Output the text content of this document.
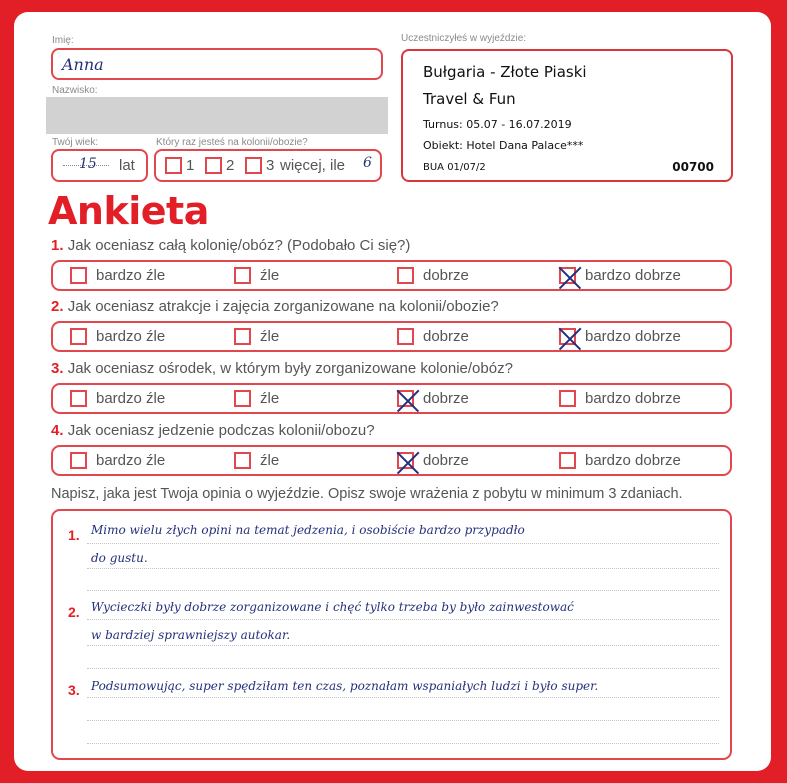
Imię:
Anna
Nazwisko:
Twój wiek:	Który raz jesteś na kolonii/obozie?
15 lat	1 2 3 więcej, ile 6
Uczestniczyłeś w wyjeździe:
Bułgaria - Złote Piaski
Travel & Fun
Turnus: 05.07 - 16.07.2019
Obiekt: Hotel Dana Palace***
BUA 01/07/2	00700
Ankieta
1. Jak oceniasz całą kolonię/obóz? (Podobało Ci się?)
bardzo źle	źle	dobrze	bardzo dobrze
2. Jak oceniasz atrakcje i zajęcia zorganizowane na kolonii/obozie?
bardzo źle	źle	dobrze	bardzo dobrze
3. Jak oceniasz ośrodek, w którym były zorganizowane kolonie/obóz?
bardzo źle	źle	dobrze	bardzo dobrze
4. Jak oceniasz jedzenie podczas kolonii/obozu?
bardzo źle	źle	dobrze	bardzo dobrze
Napisz, jaka jest Twoja opinia o wyjeździe. Opisz swoje wrażenia z pobytu w minimum 3 zdaniach.
1. Mimo wielu złych opini na temat jedzenia, i osobiście bardzo przypadło
do gustu.
2. Wycieczki były dobrze zorganizowane i chęć tylko trzeba by było zainwestować
w bardziej sprawniejszy autokar.
3. Podsumowując, super spędziłam ten czas, poznałam wspaniałych ludzi i było super.
